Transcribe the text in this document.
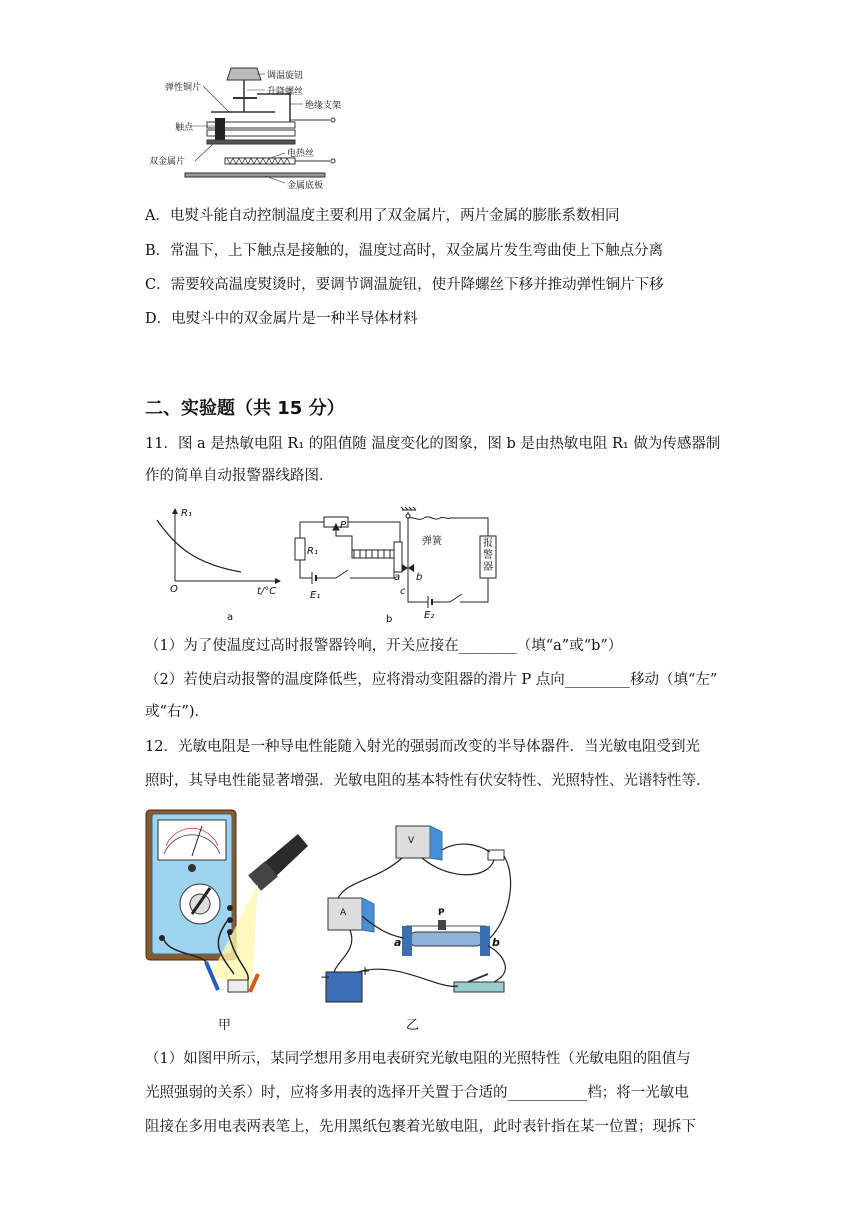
调温旋钮
升降螺丝
弹性铜片
绝缘支架
触点
双金属片
电热丝
金属底板
A．电熨斗能自动控制温度主要利用了双金属片，两片金属的膨胀系数相同
B．常温下，上下触点是接触的，温度过高时，双金属片发生弯曲使上下触点分离
C．需要较高温度熨烫时，要调节调温旋钮，使升降螺丝下移并推动弹性铜片下移
D．电熨斗中的双金属片是一种半导体材料
二、实验题（共 15 分）
11．图 a 是热敏电阻 R₁ 的阻值随 温度变化的图象，图 b 是由热敏电阻 R₁ 做为传感器制
作的简单自动报警器线路图．
R₁
t/°C
O
a
P
R₁
E₁
E₂
弹簧	报警器
a b
c
b
（1）为了使温度过高时报警器铃响，开关应接在________（填“a”或“b”）
（2）若使启动报警的温度降低些，应将滑动变阻器的滑片 P 点向_________移动（填“左”
或“右”)．
12．光敏电阻是一种导电性能随入射光的强弱而改变的半导体器件．当光敏电阻受到光
照时，其导电性能显著增强．光敏电阻的基本特性有伏安特性、光照特性、光谱特性等．
甲
V
A	P
a	b
− +
乙
（1）如图甲所示，某同学想用多用电表研究光敏电阻的光照特性（光敏电阻的阻值与
光照强弱的关系）时，应将多用表的选择开关置于合适的___________档；将一光敏电
阻接在多用电表两表笔上，先用黑纸包裹着光敏电阻，此时表针指在某一位置；现拆下
